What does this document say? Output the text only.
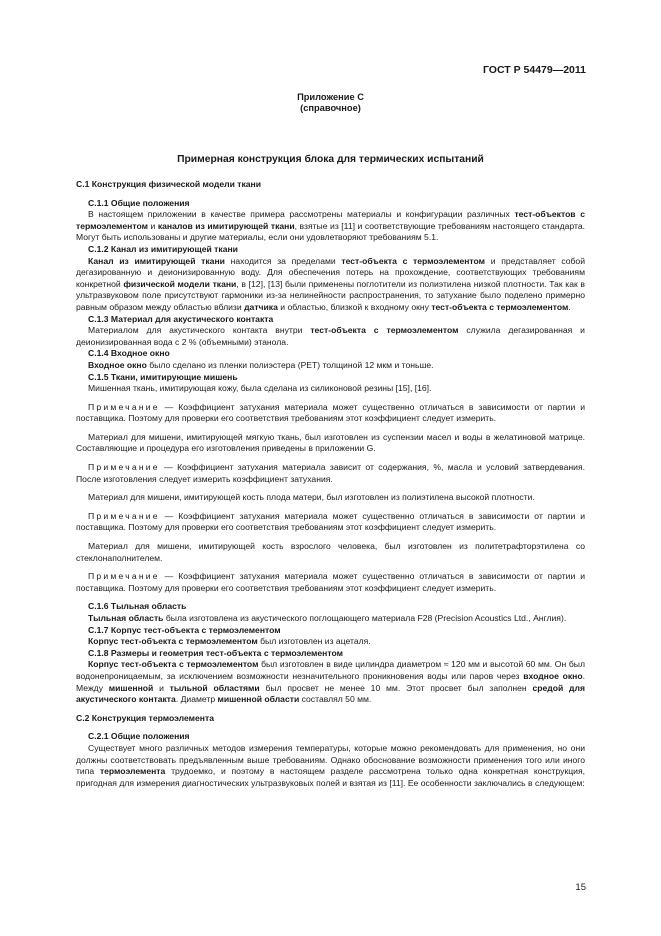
ГОСТ Р 54479—2011
Приложение С
(справочное)
Примерная конструкция блока для термических испытаний

С.1 Конструкция физической модели ткани

С.1.1 Общие положения

В настоящем приложении в качестве примера рассмотрены материалы и конфигурации различных тест-объектов с термоэлементом и каналов из имитирующей ткани, взятые из [11] и соответствующие требованиям настоящего стандарта. Могут быть использованы и другие материалы, если они удовлетворяют требованиям 5.1.

С.1.2 Канал из имитирующей ткани

Канал из имитирующей ткани находится за пределами тест-объекта с термоэлементом и представляет собой дегазированную и деионизированную воду. Для обеспечения потерь на прохождение, соответствующих требованиям конкретной физической модели ткани, в [12], [13] были применены поглотители из полиэтилена низкой плотности. Так как в ультразвуковом поле присутствуют гармоники из-за нелинейности распространения, то затухание было поделено примерно равным образом между областью вблизи датчика и областью, близкой к входному окну тест-объекта с термоэлементом.

С.1.3 Материал для акустического контакта

Материалом для акустического контакта внутри тест-объекта с термоэлементом служила дегазированная и деионизированная вода с 2 % (объемными) этанола.

С.1.4 Входное окно

Входное окно было сделано из пленки полиэстера (PET) толщиной 12 мкм и тоньше.

С.1.5 Ткани, имитирующие мишень

Мишенная ткань, имитирующая кожу, была сделана из силиконовой резины [15], [16].

Примечание — Коэффициент затухания материала может существенно отличаться в зависимости от партии и поставщика. Поэтому для проверки его соответствия требованиям этот коэффициент следует измерить.

Материал для мишени, имитирующей мягкую ткань, был изготовлен из суспензии масел и воды в желатиновой матрице. Составляющие и процедура его изготовления приведены в приложении G.

Примечание — Коэффициент затухания материала зависит от содержания, %, масла и условий затвердевания. После изготовления следует измерить коэффициент затухания.

Материал для мишени, имитирующей кость плода матери, был изготовлен из полиэтилена высокой плотности.

Примечание — Коэффициент затухания материала может существенно отличаться в зависимости от партии и поставщика. Поэтому для проверки его соответствия требованиям этот коэффициент следует измерить.

Материал для мишени, имитирующей кость взрослого человека, был изготовлен из политетрафторэтилена со стеклонаполнителем.

Примечание — Коэффициент затухания материала может существенно отличаться в зависимости от партии и поставщика. Поэтому для проверки его соответствия требованиям этот коэффициент следует измерить.

С.1.6 Тыльная область

Тыльная область была изготовлена из акустического поглощающего материала F28 (Precision Acoustics Ltd., Англия).

С.1.7 Корпус тест-объекта с термоэлементом

Корпус тест-объекта с термоэлементом был изготовлен из ацеталя.

С.1.8 Размеры и геометрия тест-объекта с термоэлементом

Корпус тест-объекта с термоэлементом был изготовлен в виде цилиндра диаметром ≈ 120 мм и высотой 60 мм. Он был водонепроницаемым, за исключением возможности незначительного проникновения воды или паров через входное окно. Между мишенной и тыльной областями был просвет не менее 10 мм. Этот просвет был заполнен средой для акустического контакта. Диаметр мишенной области составлял 50 мм.

С.2 Конструкция термоэлемента

С.2.1 Общие положения

Существует много различных методов измерения температуры, которые можно рекомендовать для применения, но они должны соответствовать предъявленным выше требованиям. Однако обоснование возможности применения того или иного типа термоэлемента трудоемко, и поэтому в настоящем разделе рассмотрена только одна конкретная конструкция, пригодная для измерения диагностических ультразвуковых полей и взятая из [11]. Ее особенности заключались в следующем:

15
